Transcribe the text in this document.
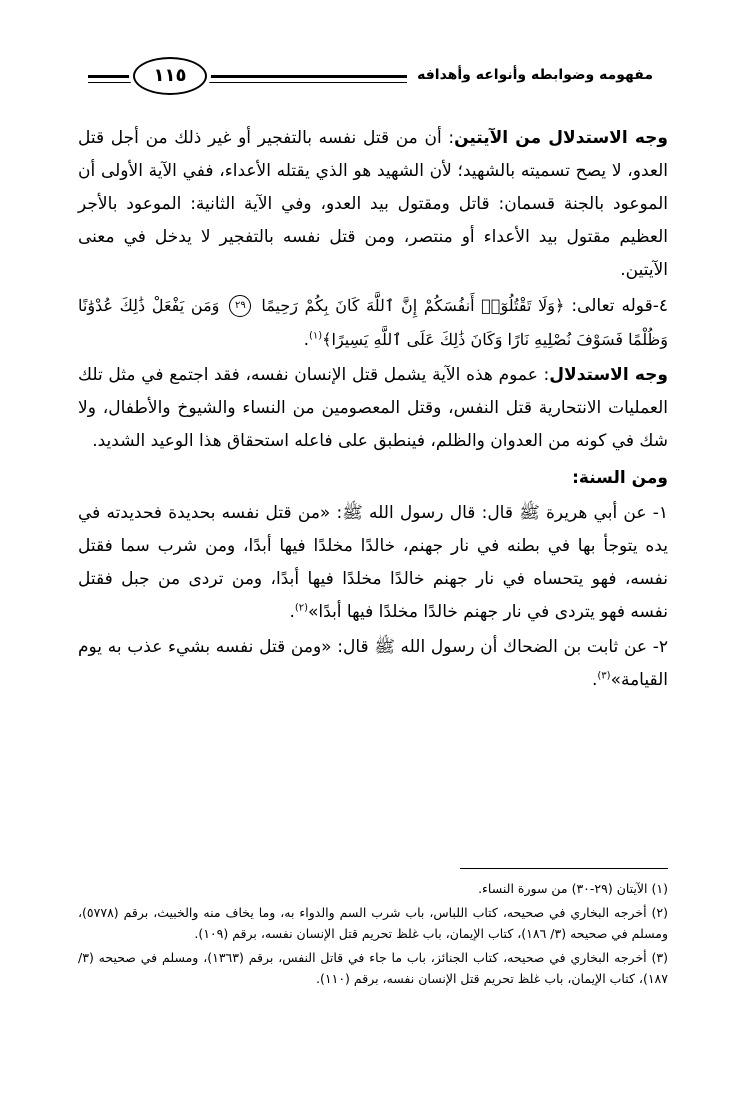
مفهومه وضوابطه وأنواعه وأهدافه
١١٥

وجه الاستدلال من الآيتين: أن من قتل نفسه بالتفجير أو غير ذلك من أجل قتل العدو، لا يصح تسميته بالشهيد؛ لأن الشهيد هو الذي يقتله الأعداء، ففي الآية الأولى أن الموعود بالجنة قسمان: قاتل ومقتول بيد العدو، وفي الآية الثانية: الموعود بالأجر العظيم مقتول بيد الأعداء أو منتصر، ومن قتل نفسه بالتفجير لا يدخل في معنى الآيتين.

٤-قوله تعالى: ﴿وَلَا تَقْتُلُوٓا۟ أَنفُسَكُمْ إِنَّ ٱللَّهَ كَانَ بِكُمْ رَحِيمًا ٢٩ وَمَن يَفْعَلْ ذَٰلِكَ عُدْوَٰنًا وَظُلْمًا فَسَوْفَ نُصْلِيهِ نَارًا وَكَانَ ذَٰلِكَ عَلَى ٱللَّهِ يَسِيرًا﴾$^{(١)}$.

وجه الاستدلال: عموم هذه الآية يشمل قتل الإنسان نفسه، فقد اجتمع في مثل تلك العمليات الانتحارية قتل النفس، وقتل المعصومين من النساء والشيوخ والأطفال، ولا شك في كونه من العدوان والظلم، فينطبق على فاعله استحقاق هذا الوعيد الشديد.

ومن السنة:

١- عن أبي هريرة ﷺ قال: قال رسول الله ﷺ: «من قتل نفسه بحديدة فحديدته في يده يتوجأ بها في بطنه في نار جهنم، خالدًا مخلدًا فيها أبدًا، ومن شرب سما فقتل نفسه، فهو يتحساه في نار جهنم خالدًا مخلدًا فيها أبدًا، ومن تردى من جبل فقتل نفسه فهو يتردى في نار جهنم خالدًا مخلدًا فيها أبدًا»$^{(٢)}$.

٢- عن ثابت بن الضحاك أن رسول الله ﷺ قال: «ومن قتل نفسه بشيء عذب به يوم القيامة»$^{(٣)}$.

(١) الآيتان (٢٩-٣٠) من سورة النساء.

(٢) أخرجه البخاري في صحيحه، كتاب اللباس، باب شرب السم والدواء به، وما يخاف منه والخبيث، برقم (٥٧٧٨)، ومسلم في صحيحه (٣/ ١٨٦)، كتاب الإيمان، باب غلظ تحريم قتل الإنسان نفسه، برقم (١٠٩).

(٣) أخرجه البخاري في صحيحه، كتاب الجنائز، باب ما جاء في قاتل النفس، برقم (١٣٦٣)، ومسلم في صحيحه (٣/ ١٨٧)، كتاب الإيمان، باب غلظ تحريم قتل الإنسان نفسه، برقم (١١٠).
